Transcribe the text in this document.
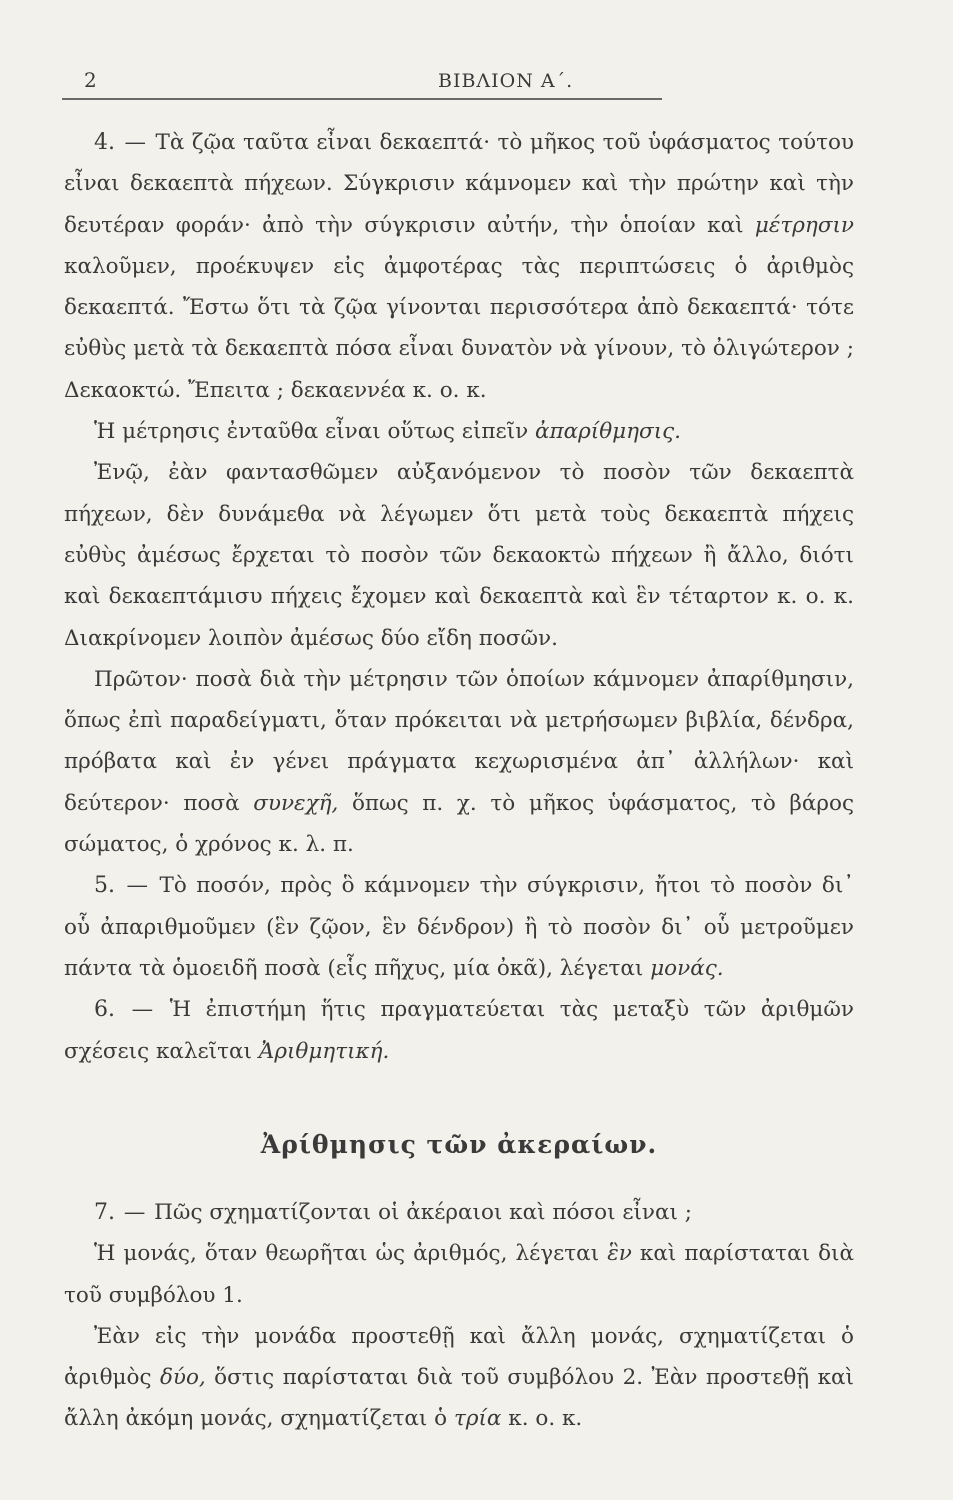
2	ΒΙΒΛΙΟΝ Α΄.

4. — Τὰ ζῷα ταῦτα εἶναι δεκαεπτά· τὸ μῆκος τοῦ ὑφάσματος τούτου εἶναι δεκαεπτὰ πήχεων. Σύγκρισιν κάμνομεν καὶ τὴν πρώτην καὶ τὴν δευτέραν φοράν· ἀπὸ τὴν σύγκρισιν αὐτήν, τὴν ὁποίαν καὶ μέτρησιν καλοῦμεν, προέκυψεν εἰς ἀμφοτέρας τὰς περιπτώσεις ὁ ἀριθμὸς δεκαεπτά. Ἔστω ὅτι τὰ ζῷα γίνονται περισσότερα ἀπὸ δεκαεπτά· τότε εὐθὺς μετὰ τὰ δεκαεπτὰ πόσα εἶναι δυνατὸν νὰ γίνουν, τὸ ὀλιγώτερον ; Δεκαοκτώ. Ἔπειτα ; δεκαεννέα κ. ο. κ.

Ἡ μέτρησις ἐνταῦθα εἶναι οὕτως εἰπεῖν ἀπαρίθμησις.

Ἐνῷ, ἐὰν φαντασθῶμεν αὐξανόμενον τὸ ποσὸν τῶν δεκαεπτὰ πήχεων, δὲν δυνάμεθα νὰ λέγωμεν ὅτι μετὰ τοὺς δεκαεπτὰ πήχεις εὐθὺς ἀμέσως ἔρχεται τὸ ποσὸν τῶν δεκαοκτὼ πήχεων ἢ ἄλλο, διότι καὶ δεκαεπτάμισυ πήχεις ἔχομεν καὶ δεκαεπτὰ καὶ ἓν τέταρτον κ. ο. κ. Διακρίνομεν λοιπὸν ἀμέσως δύο εἴδη ποσῶν.

Πρῶτον· ποσὰ διὰ τὴν μέτρησιν τῶν ὁποίων κάμνομεν ἀπαρίθμησιν, ὅπως ἐπὶ παραδείγματι, ὅταν πρόκειται νὰ μετρήσωμεν βιβλία, δένδρα, πρόβατα καὶ ἐν γένει πράγματα κεχωρισμένα ἀπ᾽ ἀλλήλων· καὶ δεύτερον· ποσὰ συνεχῆ, ὅπως π. χ. τὸ μῆκος ὑφάσματος, τὸ βάρος σώματος, ὁ χρόνος κ. λ. π.

5. — Τὸ ποσόν, πρὸς ὃ κάμνομεν τὴν σύγκρισιν, ἤτοι τὸ ποσὸν δι᾽ οὗ ἀπαριθμοῦμεν (ἓν ζῷον, ἓν δένδρον) ἢ τὸ ποσὸν δι᾽ οὗ μετροῦμεν πάντα τὰ ὁμοειδῆ ποσὰ (εἷς πῆχυς, μία ὀκᾶ), λέγεται μονάς.

6. — Ἡ ἐπιστήμη ἥτις πραγματεύεται τὰς μεταξὺ τῶν ἀριθμῶν σχέσεις καλεῖται Ἀριθμητική.

Ἀρίθμησις τῶν ἀκεραίων.

7. — Πῶς σχηματίζονται οἱ ἀκέραιοι καὶ πόσοι εἶναι ;

Ἡ μονάς, ὅταν θεωρῆται ὡς ἀριθμός, λέγεται ἓν καὶ παρίσταται διὰ τοῦ συμβόλου 1.

Ἐὰν εἰς τὴν μονάδα προστεθῇ καὶ ἄλλη μονάς, σχηματίζεται ὁ ἀριθμὸς δύο, ὅστις παρίσταται διὰ τοῦ συμβόλου 2. Ἐὰν προστεθῇ καὶ ἄλλη ἀκόμη μονάς, σχηματίζεται ὁ τρία κ. ο. κ.
